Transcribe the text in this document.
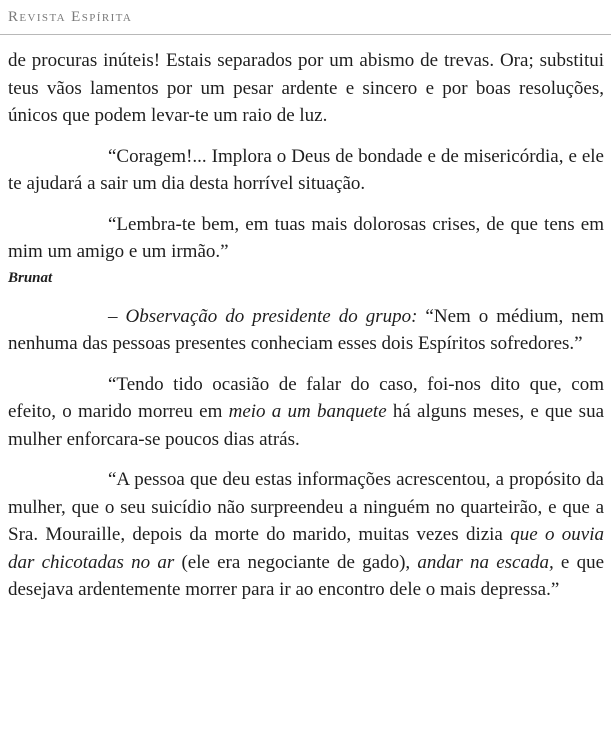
Revista Espírita

de procuras inúteis! Estais separados por um abismo de trevas. Ora; substitui teus vãos lamentos por um pesar ardente e sincero e por boas resoluções, únicos que podem levar-te um raio de luz.

“Coragem!... Implora o Deus de bondade e de misericórdia, e ele te ajudará a sair um dia desta horrível situação.

“Lembra-te bem, em tuas mais dolorosas crises, de que tens em mim um amigo e um irmão.”

Brunat

– Observação do presidente do grupo: “Nem o médium, nem nenhuma das pessoas presentes conheciam esses dois Espíritos sofredores.”

“Tendo tido ocasião de falar do caso, foi-nos dito que, com efeito, o marido morreu em meio a um banquete há alguns meses, e que sua mulher enforcara-se poucos dias atrás.

“A pessoa que deu estas informações acrescentou, a propósito da mulher, que o seu suicídio não surpreendeu a ninguém no quarteirão, e que a Sra. Mouraille, depois da morte do marido, muitas vezes dizia que o ouvia dar chicotadas no ar (ele era negociante de gado), andar na escada, e que desejava ardentemente morrer para ir ao encontro dele o mais depressa.”
